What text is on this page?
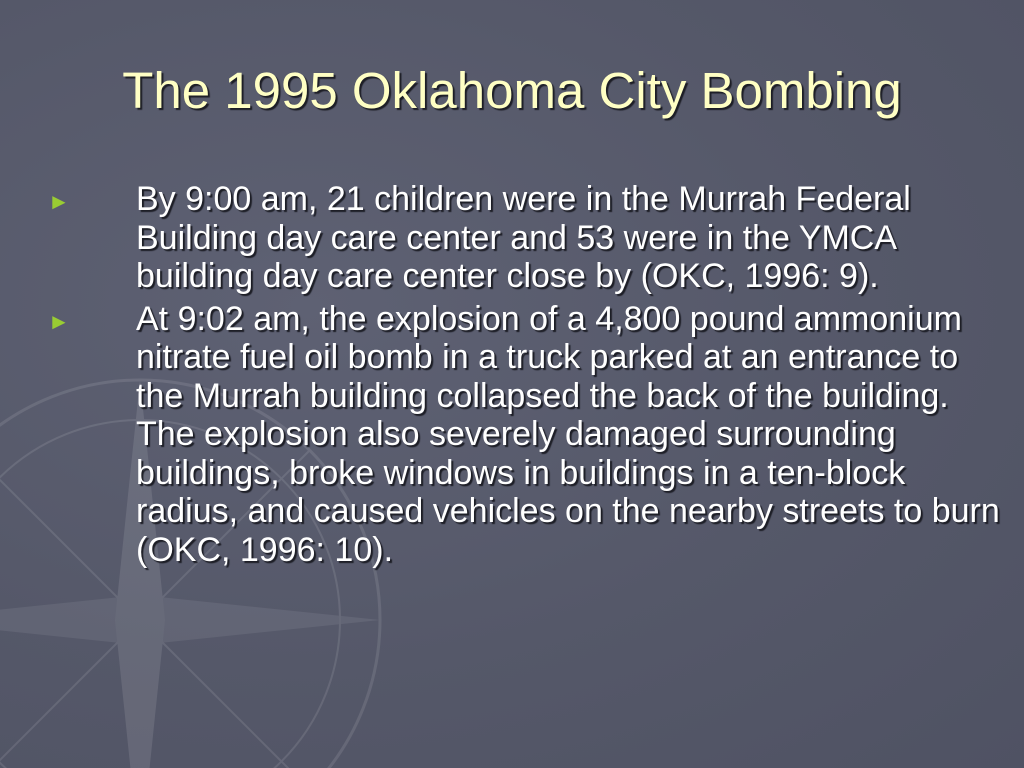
The 1995 Oklahoma City Bombing
► By 9:00 am, 21 children were in the Murrah Federal Building day care center and 53 were in the YMCA building day care center close by (OKC, 1996: 9).
► At 9:02 am, the explosion of a 4,800 pound ammonium nitrate fuel oil bomb in a truck parked at an entrance to the Murrah building collapsed the back of the building. The explosion also severely damaged surrounding buildings, broke windows in buildings in a ten-block radius, and caused vehicles on the nearby streets to burn (OKC, 1996: 10).
